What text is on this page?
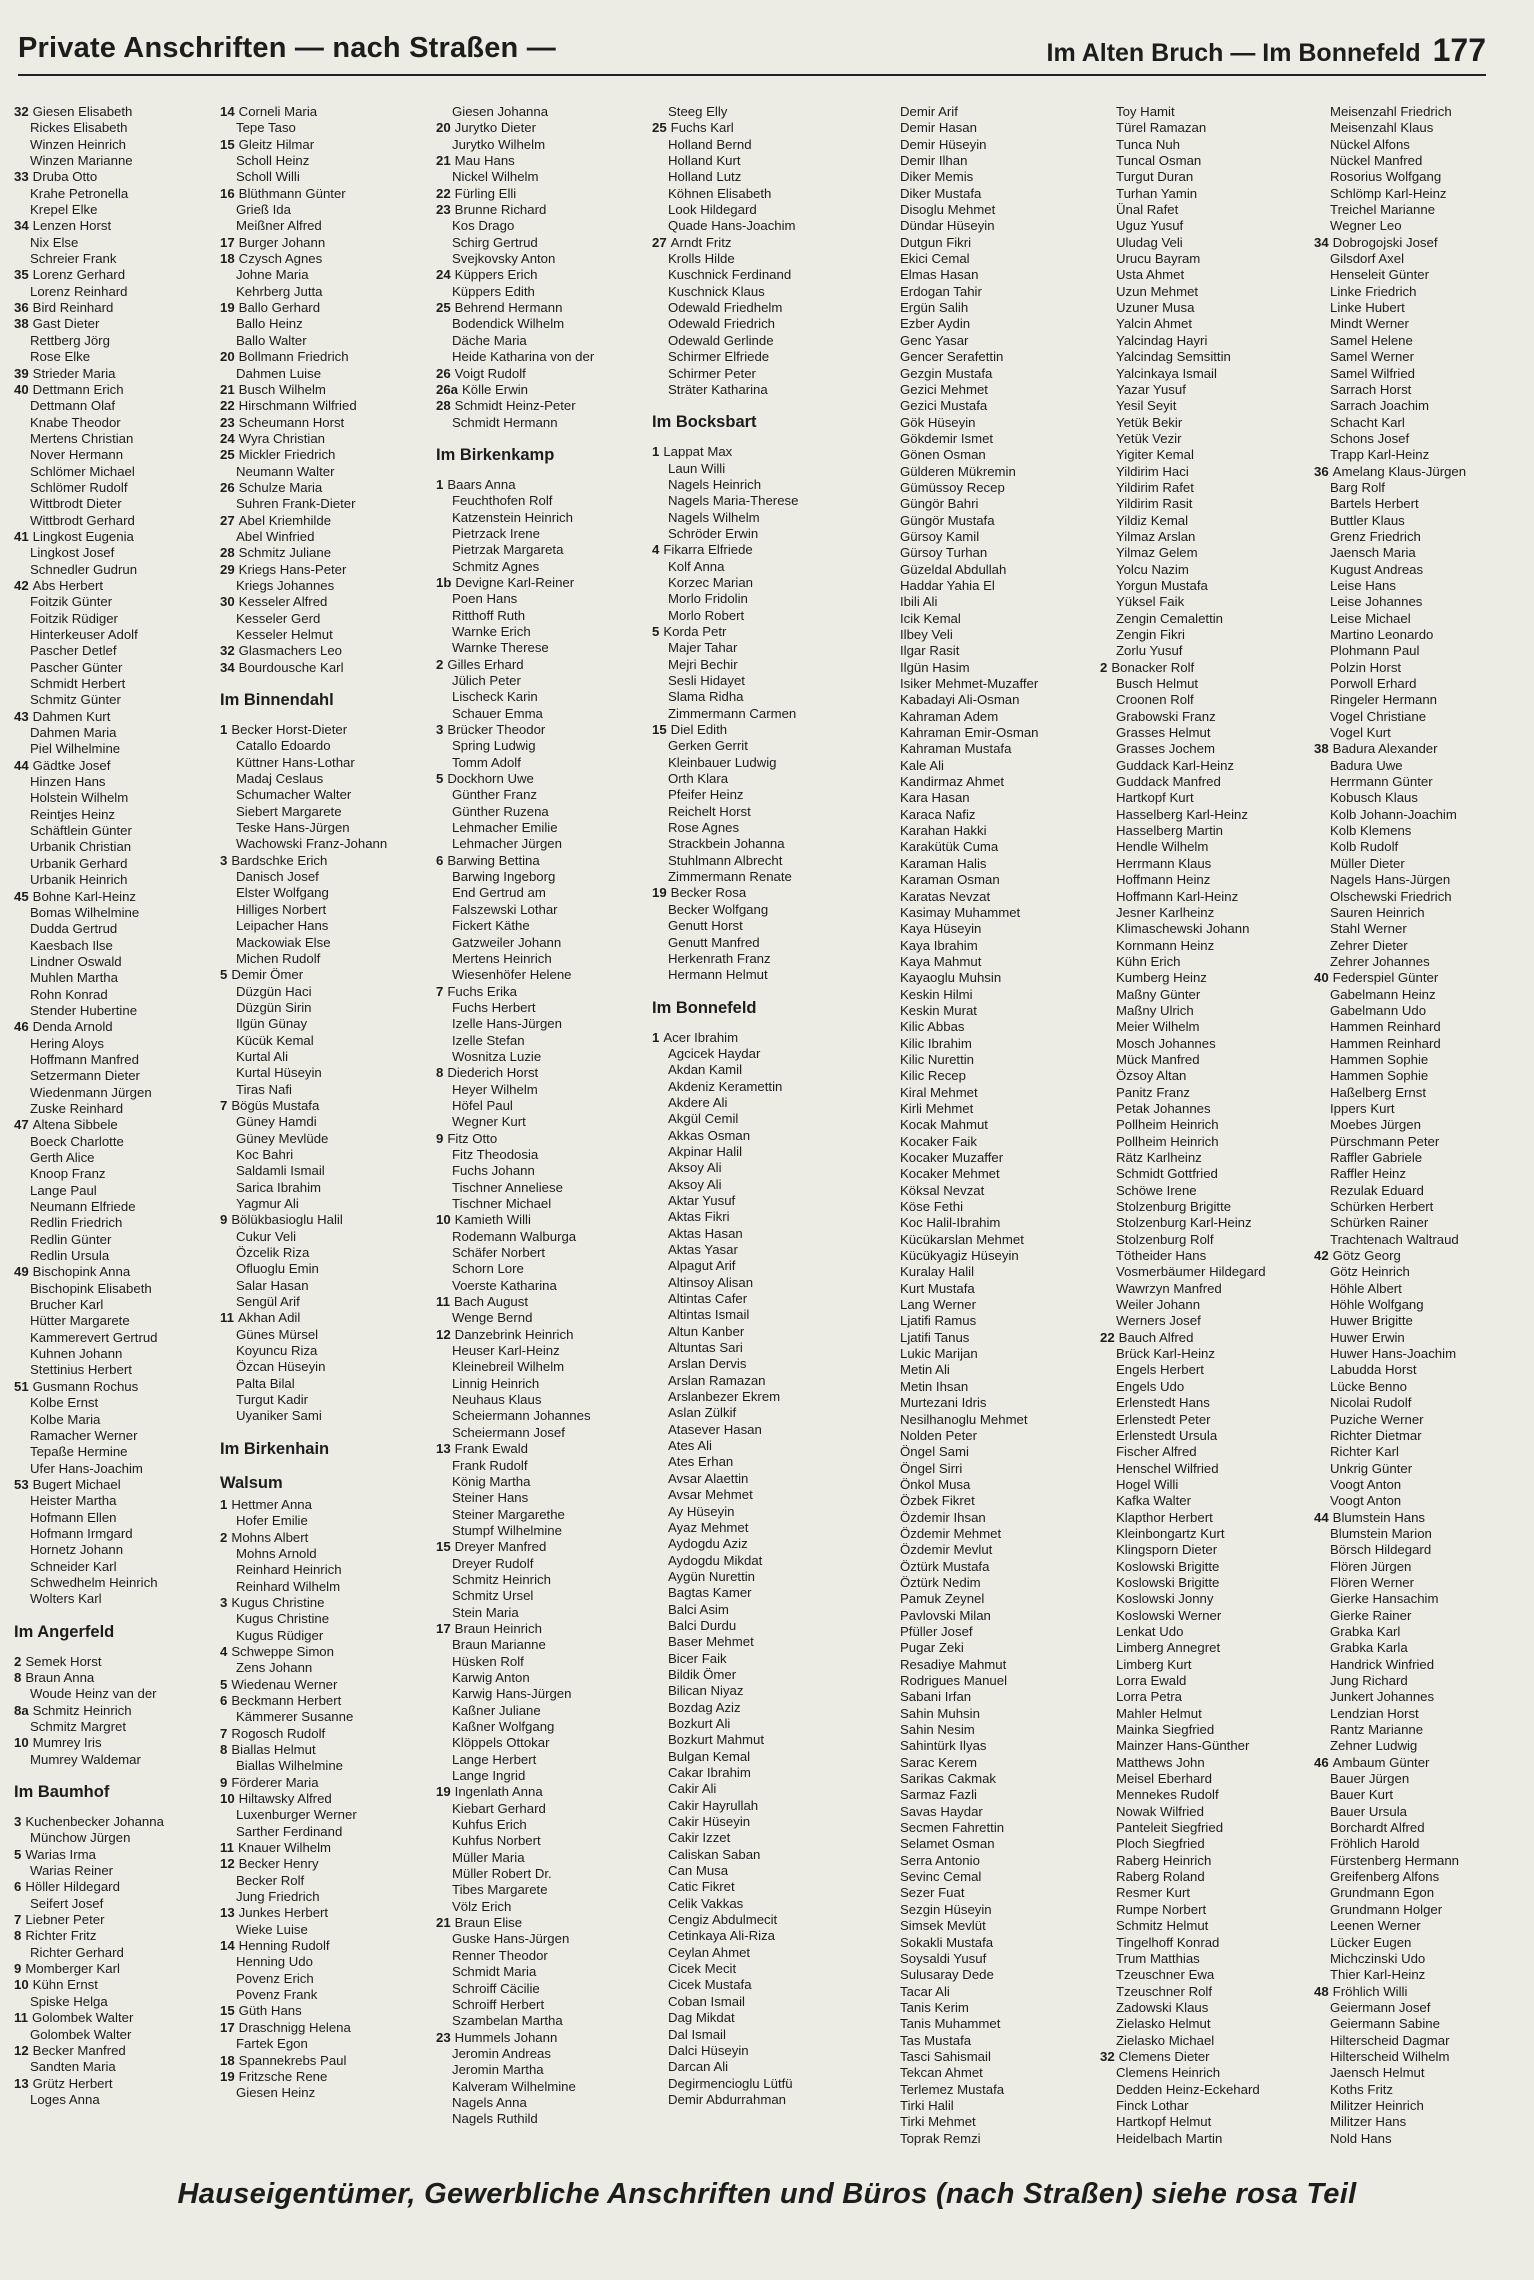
Private Anschriften — nach Straßen —	Im Alten Bruch — Im Bonnefeld 177
32 Giesen Elisabeth
Rickes Elisabeth
Winzen Heinrich
Winzen Marianne
33 Druba Otto
Krahe Petronella
Krepel Elke
34 Lenzen Horst
Nix Else
Schreier Frank
35 Lorenz Gerhard
Lorenz Reinhard
36 Bird Reinhard
38 Gast Dieter
Rettberg Jörg
Rose Elke
39 Strieder Maria
40 Dettmann Erich
Dettmann Olaf
Knabe Theodor
Mertens Christian
Nover Hermann
Schlömer Michael
Schlömer Rudolf
Wittbrodt Dieter
Wittbrodt Gerhard
41 Lingkost Eugenia
Lingkost Josef
Schnedler Gudrun
42 Abs Herbert
Foitzik Günter
Foitzik Rüdiger
Hinterkeuser Adolf
Pascher Detlef
Pascher Günter
Schmidt Herbert
Schmitz Günter
43 Dahmen Kurt
Dahmen Maria
Piel Wilhelmine
44 Gädtke Josef
Hinzen Hans
Holstein Wilhelm
Reintjes Heinz
Schäftlein Günter
Urbanik Christian
Urbanik Gerhard
Urbanik Heinrich
45 Bohne Karl-Heinz
Bomas Wilhelmine
Dudda Gertrud
Kaesbach Ilse
Lindner Oswald
Muhlen Martha
Rohn Konrad
Stender Hubertine
46 Denda Arnold
Hering Aloys
Hoffmann Manfred
Setzermann Dieter
Wiedenmann Jürgen
Zuske Reinhard
47 Altena Sibbele
Boeck Charlotte
Gerth Alice
Knoop Franz
Lange Paul
Neumann Elfriede
Redlin Friedrich
Redlin Günter
Redlin Ursula
49 Bischopink Anna
Bischopink Elisabeth
Brucher Karl
Hütter Margarete
Kammerevert Gertrud
Kuhnen Johann
Stettinius Herbert
51 Gusmann Rochus
Kolbe Ernst
Kolbe Maria
Ramacher Werner
Tepaße Hermine
Ufer Hans-Joachim
53 Bugert Michael
Heister Martha
Hofmann Ellen
Hofmann Irmgard
Hornetz Johann
Schneider Karl
Schwedhelm Heinrich
Wolters Karl
Im Angerfeld
2 Semek Horst
8 Braun Anna
Woude Heinz van der
8a Schmitz Heinrich
Schmitz Margret
10 Mumrey Iris
Mumrey Waldemar
Im Baumhof
3 Kuchenbecker Johanna
Münchow Jürgen
5 Warias Irma
Warias Reiner
6 Höller Hildegard
Seifert Josef
7 Liebner Peter
8 Richter Fritz
Richter Gerhard
9 Momberger Karl
10 Kühn Ernst
Spiske Helga
11 Golombek Walter
Golombek Walter
12 Becker Manfred
Sandten Maria
13 Grütz Herbert
Loges Anna
14 Corneli Maria
Tepe Taso
15 Gleitz Hilmar
Scholl Heinz
Scholl Willi
16 Blüthmann Günter
Grieß Ida
Meißner Alfred
17 Burger Johann
18 Czysch Agnes
Johne Maria
Kehrberg Jutta
19 Ballo Gerhard
Ballo Heinz
Ballo Walter
20 Bollmann Friedrich
Dahmen Luise
21 Busch Wilhelm
22 Hirschmann Wilfried
23 Scheumann Horst
24 Wyra Christian
25 Mickler Friedrich
Neumann Walter
26 Schulze Maria
Suhren Frank-Dieter
27 Abel Kriemhilde
Abel Winfried
28 Schmitz Juliane
29 Kriegs Hans-Peter
Kriegs Johannes
30 Kesseler Alfred
Kesseler Gerd
Kesseler Helmut
32 Glasmachers Leo
34 Bourdousche Karl
Im Binnendahl
1 Becker Horst-Dieter
Catallo Edoardo
Küttner Hans-Lothar
Madaj Ceslaus
Schumacher Walter
Siebert Margarete
Teske Hans-Jürgen
Wachowski Franz-Johann
3 Bardschke Erich
Danisch Josef
Elster Wolfgang
Hilliges Norbert
Leipacher Hans
Mackowiak Else
Michen Rudolf
5 Demir Ömer
Düzgün Haci
Düzgün Sirin
Ilgün Günay
Kücük Kemal
Kurtal Ali
Kurtal Hüseyin
Tiras Nafi
7 Bögüs Mustafa
Güney Hamdi
Güney Mevlüde
Koc Bahri
Saldamli Ismail
Sarica Ibrahim
Yagmur Ali
9 Bölükbasioglu Halil
Cukur Veli
Özcelik Riza
Ofluoglu Emin
Salar Hasan
Sengül Arif
11 Akhan Adil
Günes Mürsel
Koyuncu Riza
Özcan Hüseyin
Palta Bilal
Turgut Kadir
Uyaniker Sami
Im Birkenhain
Walsum
1 Hettmer Anna
Hofer Emilie
2 Mohns Albert
Mohns Arnold
Reinhard Heinrich
Reinhard Wilhelm
3 Kugus Christine
Kugus Christine
Kugus Rüdiger
4 Schweppe Simon
Zens Johann
5 Wiedenau Werner
6 Beckmann Herbert
Kämmerer Susanne
7 Rogosch Rudolf
8 Biallas Helmut
Biallas Wilhelmine
9 Förderer Maria
10 Hiltawsky Alfred
Luxenburger Werner
Sarther Ferdinand
11 Knauer Wilhelm
12 Becker Henry
Becker Rolf
Jung Friedrich
13 Junkes Herbert
Wieke Luise
14 Henning Rudolf
Henning Udo
Povenz Erich
Povenz Frank
15 Güth Hans
17 Draschnigg Helena
Fartek Egon
18 Spannekrebs Paul
19 Fritzsche Rene
Giesen Heinz
Giesen Johanna
20 Jurytko Dieter
Jurytko Wilhelm
21 Mau Hans
Nickel Wilhelm
22 Fürling Elli
23 Brunne Richard
Kos Drago
Schirg Gertrud
Svejkovsky Anton
24 Küppers Erich
Küppers Edith
25 Behrend Hermann
Bodendick Wilhelm
Däche Maria
Heide Katharina von der
26 Voigt Rudolf
26a Kölle Erwin
28 Schmidt Heinz-Peter
Schmidt Hermann
Im Birkenkamp
1 Baars Anna
Feuchthofen Rolf
Katzenstein Heinrich
Pietrzack Irene
Pietrzak Margareta
Schmitz Agnes
1b Devigne Karl-Reiner
Poen Hans
Ritthoff Ruth
Warnke Erich
Warnke Therese
2 Gilles Erhard
Jülich Peter
Lischeck Karin
Schauer Emma
3 Brücker Theodor
Spring Ludwig
Tomm Adolf
5 Dockhorn Uwe
Günther Franz
Günther Ruzena
Lehmacher Emilie
Lehmacher Jürgen
6 Barwing Bettina
Barwing Ingeborg
End Gertrud am
Falszewski Lothar
Fickert Käthe
Gatzweiler Johann
Mertens Heinrich
Wiesenhöfer Helene
7 Fuchs Erika
Fuchs Herbert
Izelle Hans-Jürgen
Izelle Stefan
Wosnitza Luzie
8 Diederich Horst
Heyer Wilhelm
Höfel Paul
Wegner Kurt
9 Fitz Otto
Fitz Theodosia
Fuchs Johann
Tischner Anneliese
Tischner Michael
10 Kamieth Willi
Rodemann Walburga
Schäfer Norbert
Schorn Lore
Voerste Katharina
11 Bach August
Wenge Bernd
12 Danzebrink Heinrich
Heuser Karl-Heinz
Kleinebreil Wilhelm
Linnig Heinrich
Neuhaus Klaus
Scheiermann Johannes
Scheiermann Josef
13 Frank Ewald
Frank Rudolf
König Martha
Steiner Hans
Steiner Margarethe
Stumpf Wilhelmine
15 Dreyer Manfred
Dreyer Rudolf
Schmitz Heinrich
Schmitz Ursel
Stein Maria
17 Braun Heinrich
Braun Marianne
Hüsken Rolf
Karwig Anton
Karwig Hans-Jürgen
Kaßner Juliane
Kaßner Wolfgang
Klöppels Ottokar
Lange Herbert
Lange Ingrid
19 Ingenlath Anna
Kiebart Gerhard
Kuhfus Erich
Kuhfus Norbert
Müller Maria
Müller Robert Dr.
Tibes Margarete
Völz Erich
21 Braun Elise
Guske Hans-Jürgen
Renner Theodor
Schmidt Maria
Schroiff Cäcilie
Schroiff Herbert
Szambelan Martha
23 Hummels Johann
Jeromin Andreas
Jeromin Martha
Kalveram Wilhelmine
Nagels Anna
Nagels Ruthild
Steeg Elly
25 Fuchs Karl
Holland Bernd
Holland Kurt
Holland Lutz
Köhnen Elisabeth
Look Hildegard
Quade Hans-Joachim
27 Arndt Fritz
Krolls Hilde
Kuschnick Ferdinand
Kuschnick Klaus
Odewald Friedhelm
Odewald Friedrich
Odewald Gerlinde
Schirmer Elfriede
Schirmer Peter
Sträter Katharina
Im Bocksbart
1 Lappat Max
Laun Willi
Nagels Heinrich
Nagels Maria-Therese
Nagels Wilhelm
Schröder Erwin
4 Fikarra Elfriede
Kolf Anna
Korzec Marian
Morlo Fridolin
Morlo Robert
5 Korda Petr
Majer Tahar
Mejri Bechir
Sesli Hidayet
Slama Ridha
Zimmermann Carmen
15 Diel Edith
Gerken Gerrit
Kleinbauer Ludwig
Orth Klara
Pfeifer Heinz
Reichelt Horst
Rose Agnes
Strackbein Johanna
Stuhlmann Albrecht
Zimmermann Renate
19 Becker Rosa
Becker Wolfgang
Genutt Horst
Genutt Manfred
Herkenrath Franz
Hermann Helmut
Im Bonnefeld
1 Acer Ibrahim
Agcicek Haydar
Akdan Kamil
Akdeniz Keramettin
Akdere Ali
Akgül Cemil
Akkas Osman
Akpinar Halil
Aksoy Ali
Aksoy Ali
Aktar Yusuf
Aktas Fikri
Aktas Hasan
Aktas Yasar
Alpagut Arif
Altinsoy Alisan
Altintas Cafer
Altintas Ismail
Altun Kanber
Altuntas Sari
Arslan Dervis
Arslan Ramazan
Arslanbezer Ekrem
Aslan Zülkif
Atasever Hasan
Ates Ali
Ates Erhan
Avsar Alaettin
Avsar Mehmet
Ay Hüseyin
Ayaz Mehmet
Aydogdu Aziz
Aydogdu Mikdat
Aygün Nurettin
Bagtas Kamer
Balci Asim
Balci Durdu
Baser Mehmet
Bicer Faik
Bildik Ömer
Bilican Niyaz
Bozdag Aziz
Bozkurt Ali
Bozkurt Mahmut
Bulgan Kemal
Cakar Ibrahim
Cakir Ali
Cakir Hayrullah
Cakir Hüseyin
Cakir Izzet
Caliskan Saban
Can Musa
Catic Fikret
Celik Vakkas
Cengiz Abdulmecit
Cetinkaya Ali-Riza
Ceylan Ahmet
Cicek Mecit
Cicek Mustafa
Coban Ismail
Dag Mikdat
Dal Ismail
Dalci Hüseyin
Darcan Ali
Degirmencioglu Lütfü
Demir Abdurrahman
Demir Arif
Demir Hasan
Demir Hüseyin
Demir Ilhan
Diker Memis
Diker Mustafa
Disoglu Mehmet
Dündar Hüseyin
Dutgun Fikri
Ekici Cemal
Elmas Hasan
Erdogan Tahir
Ergün Salih
Ezber Aydin
Genc Yasar
Gencer Serafettin
Gezgin Mustafa
Gezici Mehmet
Gezici Mustafa
Gök Hüseyin
Gökdemir Ismet
Gönen Osman
Gülderen Mükremin
Gümüssoy Recep
Güngör Bahri
Güngör Mustafa
Gürsoy Kamil
Gürsoy Turhan
Güzeldal Abdullah
Haddar Yahia El
Ibili Ali
Icik Kemal
Ilbey Veli
Ilgar Rasit
Ilgün Hasim
Isiker Mehmet-Muzaffer
Kabadayi Ali-Osman
Kahraman Adem
Kahraman Emir-Osman
Kahraman Mustafa
Kale Ali
Kandirmaz Ahmet
Kara Hasan
Karaca Nafiz
Karahan Hakki
Karakütük Cuma
Karaman Halis
Karaman Osman
Karatas Nevzat
Kasimay Muhammet
Kaya Hüseyin
Kaya Ibrahim
Kaya Mahmut
Kayaoglu Muhsin
Keskin Hilmi
Keskin Murat
Kilic Abbas
Kilic Ibrahim
Kilic Nurettin
Kilic Recep
Kiral Mehmet
Kirli Mehmet
Kocak Mahmut
Kocaker Faik
Kocaker Muzaffer
Kocaker Mehmet
Köksal Nevzat
Köse Fethi
Koc Halil-Ibrahim
Kücükarslan Mehmet
Kücükyagiz Hüseyin
Kuralay Halil
Kurt Mustafa
Lang Werner
Ljatifi Ramus
Ljatifi Tanus
Lukic Marijan
Metin Ali
Metin Ihsan
Murtezani Idris
Nesilhanoglu Mehmet
Nolden Peter
Öngel Sami
Öngel Sirri
Önkol Musa
Özbek Fikret
Özdemir Ihsan
Özdemir Mehmet
Özdemir Mevlut
Öztürk Mustafa
Öztürk Nedim
Pamuk Zeynel
Pavlovski Milan
Pfüller Josef
Pugar Zeki
Resadiye Mahmut
Rodrigues Manuel
Sabani Irfan
Sahin Muhsin
Sahin Nesim
Sahintürk Ilyas
Sarac Kerem
Sarikas Cakmak
Sarmaz Fazli
Savas Haydar
Secmen Fahrettin
Selamet Osman
Serra Antonio
Sevinc Cemal
Sezer Fuat
Sezgin Hüseyin
Simsek Mevlüt
Sokakli Mustafa
Soysaldi Yusuf
Sulusaray Dede
Tacar Ali
Tanis Kerim
Tanis Muhammet
Tas Mustafa
Tasci Sahismail
Tekcan Ahmet
Terlemez Mustafa
Tirki Halil
Tirki Mehmet
Toprak Remzi
Toy Hamit
Türel Ramazan
Tunca Nuh
Tuncal Osman
Turgut Duran
Turhan Yamin
Ünal Rafet
Uguz Yusuf
Uludag Veli
Urucu Bayram
Usta Ahmet
Uzun Mehmet
Uzuner Musa
Yalcin Ahmet
Yalcindag Hayri
Yalcindag Semsittin
Yalcinkaya Ismail
Yazar Yusuf
Yesil Seyit
Yetük Bekir
Yetük Vezir
Yigiter Kemal
Yildirim Haci
Yildirim Rafet
Yildirim Rasit
Yildiz Kemal
Yilmaz Arslan
Yilmaz Gelem
Yolcu Nazim
Yorgun Mustafa
Yüksel Faik
Zengin Cemalettin
Zengin Fikri
Zorlu Yusuf
2 Bonacker Rolf
Busch Helmut
Croonen Rolf
Grabowski Franz
Grasses Helmut
Grasses Jochem
Guddack Karl-Heinz
Guddack Manfred
Hartkopf Kurt
Hasselberg Karl-Heinz
Hasselberg Martin
Hendle Wilhelm
Herrmann Klaus
Hoffmann Heinz
Hoffmann Karl-Heinz
Jesner Karlheinz
Klimaschewski Johann
Kornmann Heinz
Kühn Erich
Kumberg Heinz
Maßny Günter
Maßny Ulrich
Meier Wilhelm
Mosch Johannes
Mück Manfred
Özsoy Altan
Panitz Franz
Petak Johannes
Pollheim Heinrich
Pollheim Heinrich
Rätz Karlheinz
Schmidt Gottfried
Schöwe Irene
Stolzenburg Brigitte
Stolzenburg Karl-Heinz
Stolzenburg Rolf
Tötheider Hans
Vosmerbäumer Hildegard
Wawrzyn Manfred
Weiler Johann
Werners Josef
22 Bauch Alfred
Brück Karl-Heinz
Engels Herbert
Engels Udo
Erlenstedt Hans
Erlenstedt Peter
Erlenstedt Ursula
Fischer Alfred
Henschel Wilfried
Hogel Willi
Kafka Walter
Klapthor Herbert
Kleinbongartz Kurt
Klingsporn Dieter
Koslowski Brigitte
Koslowski Brigitte
Koslowski Jonny
Koslowski Werner
Lenkat Udo
Limberg Annegret
Limberg Kurt
Lorra Ewald
Lorra Petra
Mahler Helmut
Mainka Siegfried
Mainzer Hans-Günther
Matthews John
Meisel Eberhard
Mennekes Rudolf
Nowak Wilfried
Panteleit Siegfried
Ploch Siegfried
Raberg Heinrich
Raberg Roland
Resmer Kurt
Rumpe Norbert
Schmitz Helmut
Tingelhoff Konrad
Trum Matthias
Tzeuschner Ewa
Tzeuschner Rolf
Zadowski Klaus
Zielasko Helmut
Zielasko Michael
32 Clemens Dieter
Clemens Heinrich
Dedden Heinz-Eckehard
Finck Lothar
Hartkopf Helmut
Heidelbach Martin
Meisenzahl Friedrich
Meisenzahl Klaus
Nückel Alfons
Nückel Manfred
Rosorius Wolfgang
Schlömp Karl-Heinz
Treichel Marianne
Wegner Leo
34 Dobrogojski Josef
Gilsdorf Axel
Henseleit Günter
Linke Friedrich
Linke Hubert
Mindt Werner
Samel Helene
Samel Werner
Samel Wilfried
Sarrach Horst
Sarrach Joachim
Schacht Karl
Schons Josef
Trapp Karl-Heinz
36 Amelang Klaus-Jürgen
Barg Rolf
Bartels Herbert
Buttler Klaus
Grenz Friedrich
Jaensch Maria
Kugust Andreas
Leise Hans
Leise Johannes
Leise Michael
Martino Leonardo
Plohmann Paul
Polzin Horst
Porwoll Erhard
Ringeler Hermann
Vogel Christiane
Vogel Kurt
38 Badura Alexander
Badura Uwe
Herrmann Günter
Kobusch Klaus
Kolb Johann-Joachim
Kolb Klemens
Kolb Rudolf
Müller Dieter
Nagels Hans-Jürgen
Olschewski Friedrich
Sauren Heinrich
Stahl Werner
Zehrer Dieter
Zehrer Johannes
40 Federspiel Günter
Gabelmann Heinz
Gabelmann Udo
Hammen Reinhard
Hammen Reinhard
Hammen Sophie
Hammen Sophie
Haßelberg Ernst
Ippers Kurt
Moebes Jürgen
Pürschmann Peter
Raffler Gabriele
Raffler Heinz
Rezulak Eduard
Schürken Herbert
Schürken Rainer
Trachtenach Waltraud
42 Götz Georg
Götz Heinrich
Höhle Albert
Höhle Wolfgang
Huwer Brigitte
Huwer Erwin
Huwer Hans-Joachim
Labudda Horst
Lücke Benno
Nicolai Rudolf
Puziche Werner
Richter Dietmar
Richter Karl
Unkrig Günter
Voogt Anton
Voogt Anton
44 Blumstein Hans
Blumstein Marion
Börsch Hildegard
Flören Jürgen
Flören Werner
Gierke Hansachim
Gierke Rainer
Grabka Karl
Grabka Karla
Handrick Winfried
Jung Richard
Junkert Johannes
Lendzian Horst
Rantz Marianne
Zehner Ludwig
46 Ambaum Günter
Bauer Jürgen
Bauer Kurt
Bauer Ursula
Borchardt Alfred
Fröhlich Harold
Fürstenberg Hermann
Greifenberg Alfons
Grundmann Egon
Grundmann Holger
Leenen Werner
Lücker Eugen
Michczinski Udo
Thier Karl-Heinz
48 Fröhlich Willi
Geiermann Josef
Geiermann Sabine
Hilterscheid Dagmar
Hilterscheid Wilhelm
Jaensch Helmut
Koths Fritz
Militzer Heinrich
Militzer Hans
Nold Hans
Hauseigentümer, Gewerbliche Anschriften und Büros (nach Straßen) siehe rosa Teil
